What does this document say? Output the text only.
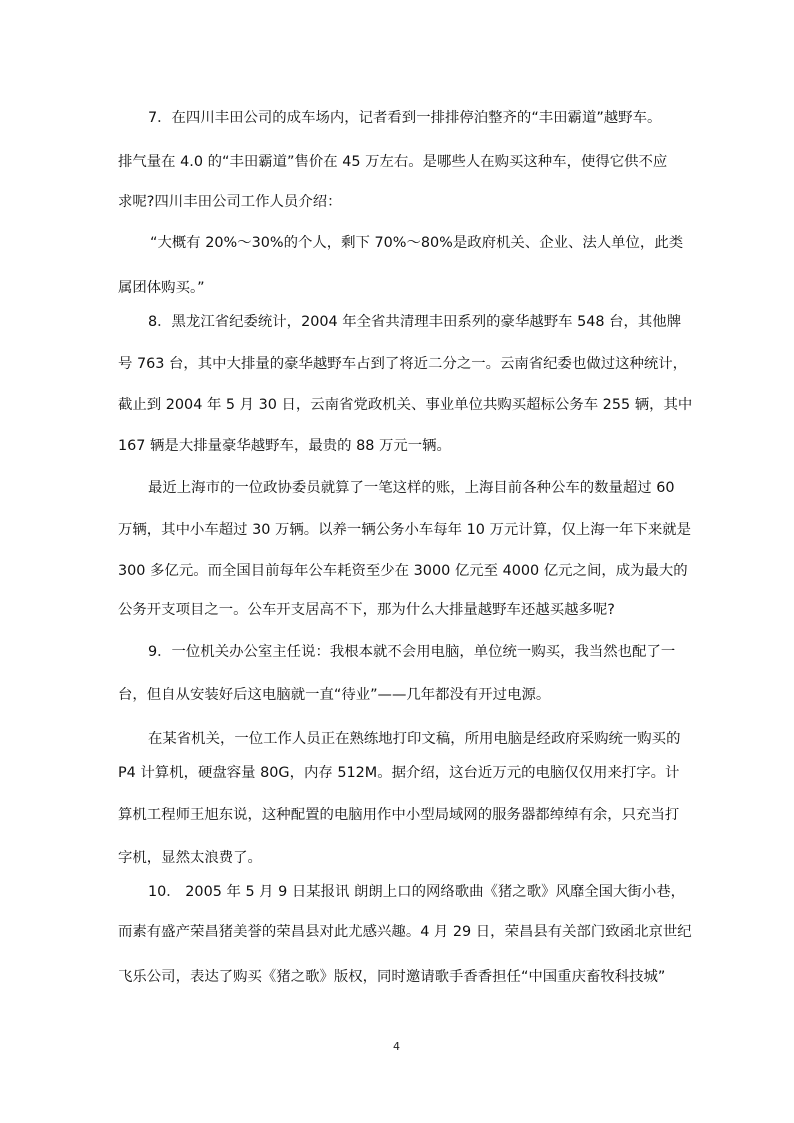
7．在四川丰田公司的成车场内，记者看到一排排停泊整齐的“丰田霸道”越野车。
排气量在 4.0 的“丰田霸道”售价在 45 万左右。是哪些人在购买这种车，使得它供不应
求呢?四川丰田公司工作人员介绍：
“大概有 20%～30%的个人，剩下 70%～80%是政府机关、企业、法人单位，此类
属团体购买。”
8．黑龙江省纪委统计，2004 年全省共清理丰田系列的豪华越野车 548 台，其他牌
号 763 台，其中大排量的豪华越野车占到了将近二分之一。云南省纪委也做过这种统计，
截止到 2004 年 5 月 30 日，云南省党政机关、事业单位共购买超标公务车 255 辆，其中
167 辆是大排量豪华越野车，最贵的 88 万元一辆。
最近上海市的一位政协委员就算了一笔这样的账，上海目前各种公车的数量超过 60
万辆，其中小车超过 30 万辆。以养一辆公务小车每年 10 万元计算，仅上海一年下来就是
300 多亿元。而全国目前每年公车耗资至少在 3000 亿元至 4000 亿元之间，成为最大的
公务开支项目之一。公车开支居高不下，那为什么大排量越野车还越买越多呢?
9．一位机关办公室主任说：我根本就不会用电脑，单位统一购买，我当然也配了一
台，但自从安装好后这电脑就一直“待业”——几年都没有开过电源。
在某省机关，一位工作人员正在熟练地打印文稿，所用电脑是经政府采购统一购买的
P4 计算机，硬盘容量 80G，内存 512M。据介绍，这台近万元的电脑仅仅用来打字。计
算机工程师王旭东说，这种配置的电脑用作中小型局域网的服务器都绰绰有余，只充当打
字机，显然太浪费了。
10． 2005 年 5 月 9 日某报讯 朗朗上口的网络歌曲《猪之歌》风靡全国大街小巷，
而素有盛产荣昌猪美誉的荣昌县对此尤感兴趣。4 月 29 日，荣昌县有关部门致函北京世纪
飞乐公司，表达了购买《猪之歌》版权，同时邀请歌手香香担任“中国重庆畜牧科技城”
4
